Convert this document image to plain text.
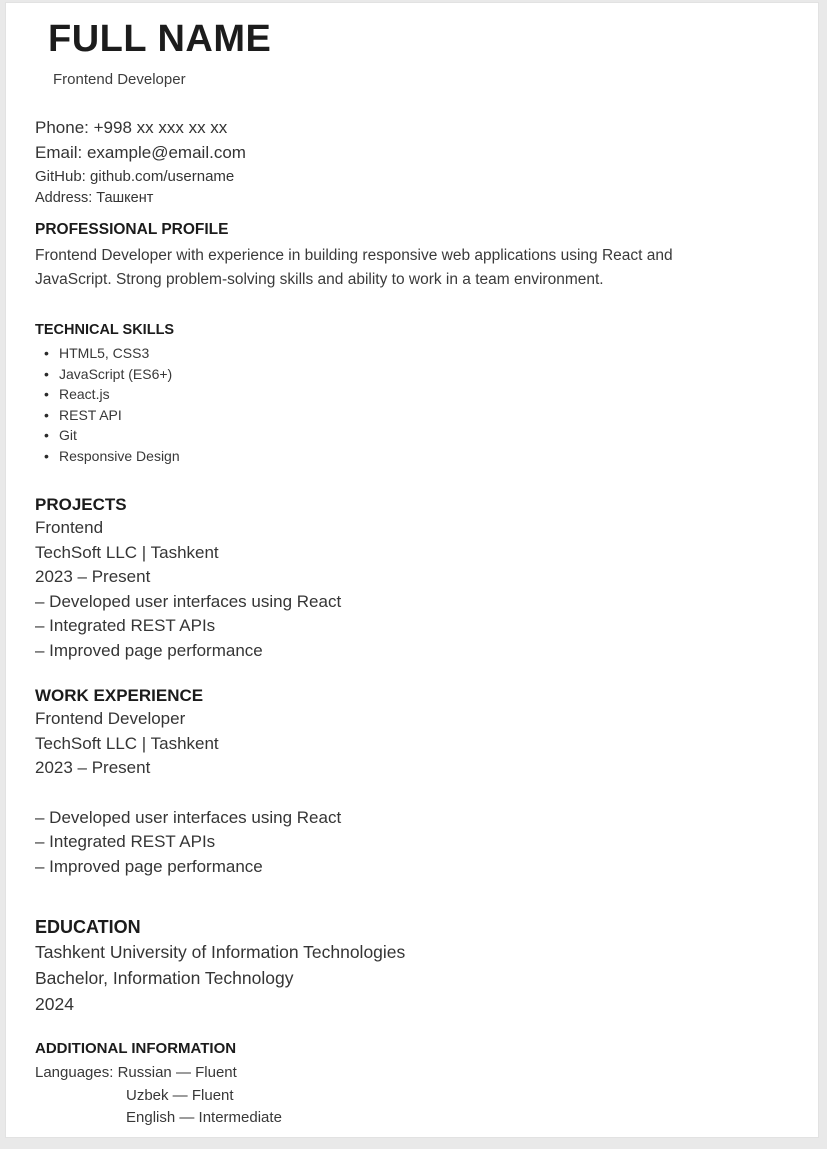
FULL NAME
Frontend Developer
Phone: +998 xx xxx xx xx
Email: example@email.com
GitHub: github.com/username
Address: Ташкент
PROFESSIONAL PROFILE

Frontend Developer with experience in building responsive web applications using React and JavaScript. Strong problem-solving skills and ability to work in a team environment.

TECHNICAL SKILLS
• HTML5, CSS3
• JavaScript (ES6+)
• React.js
• REST API
• Git
• Responsive Design
PROJECTS
Frontend
TechSoft LLC | Tashkent
2023 – Present
– Developed user interfaces using React
– Integrated REST APIs
– Improved page performance
WORK EXPERIENCE
Frontend Developer
TechSoft LLC | Tashkent
2023 – Present
– Developed user interfaces using React
– Integrated REST APIs
– Improved page performance
EDUCATION
Tashkent University of Information Technologies
Bachelor, Information Technology
2024
ADDITIONAL INFORMATION
Languages: Russian — Fluent
Uzbek — Fluent
English — Intermediate
